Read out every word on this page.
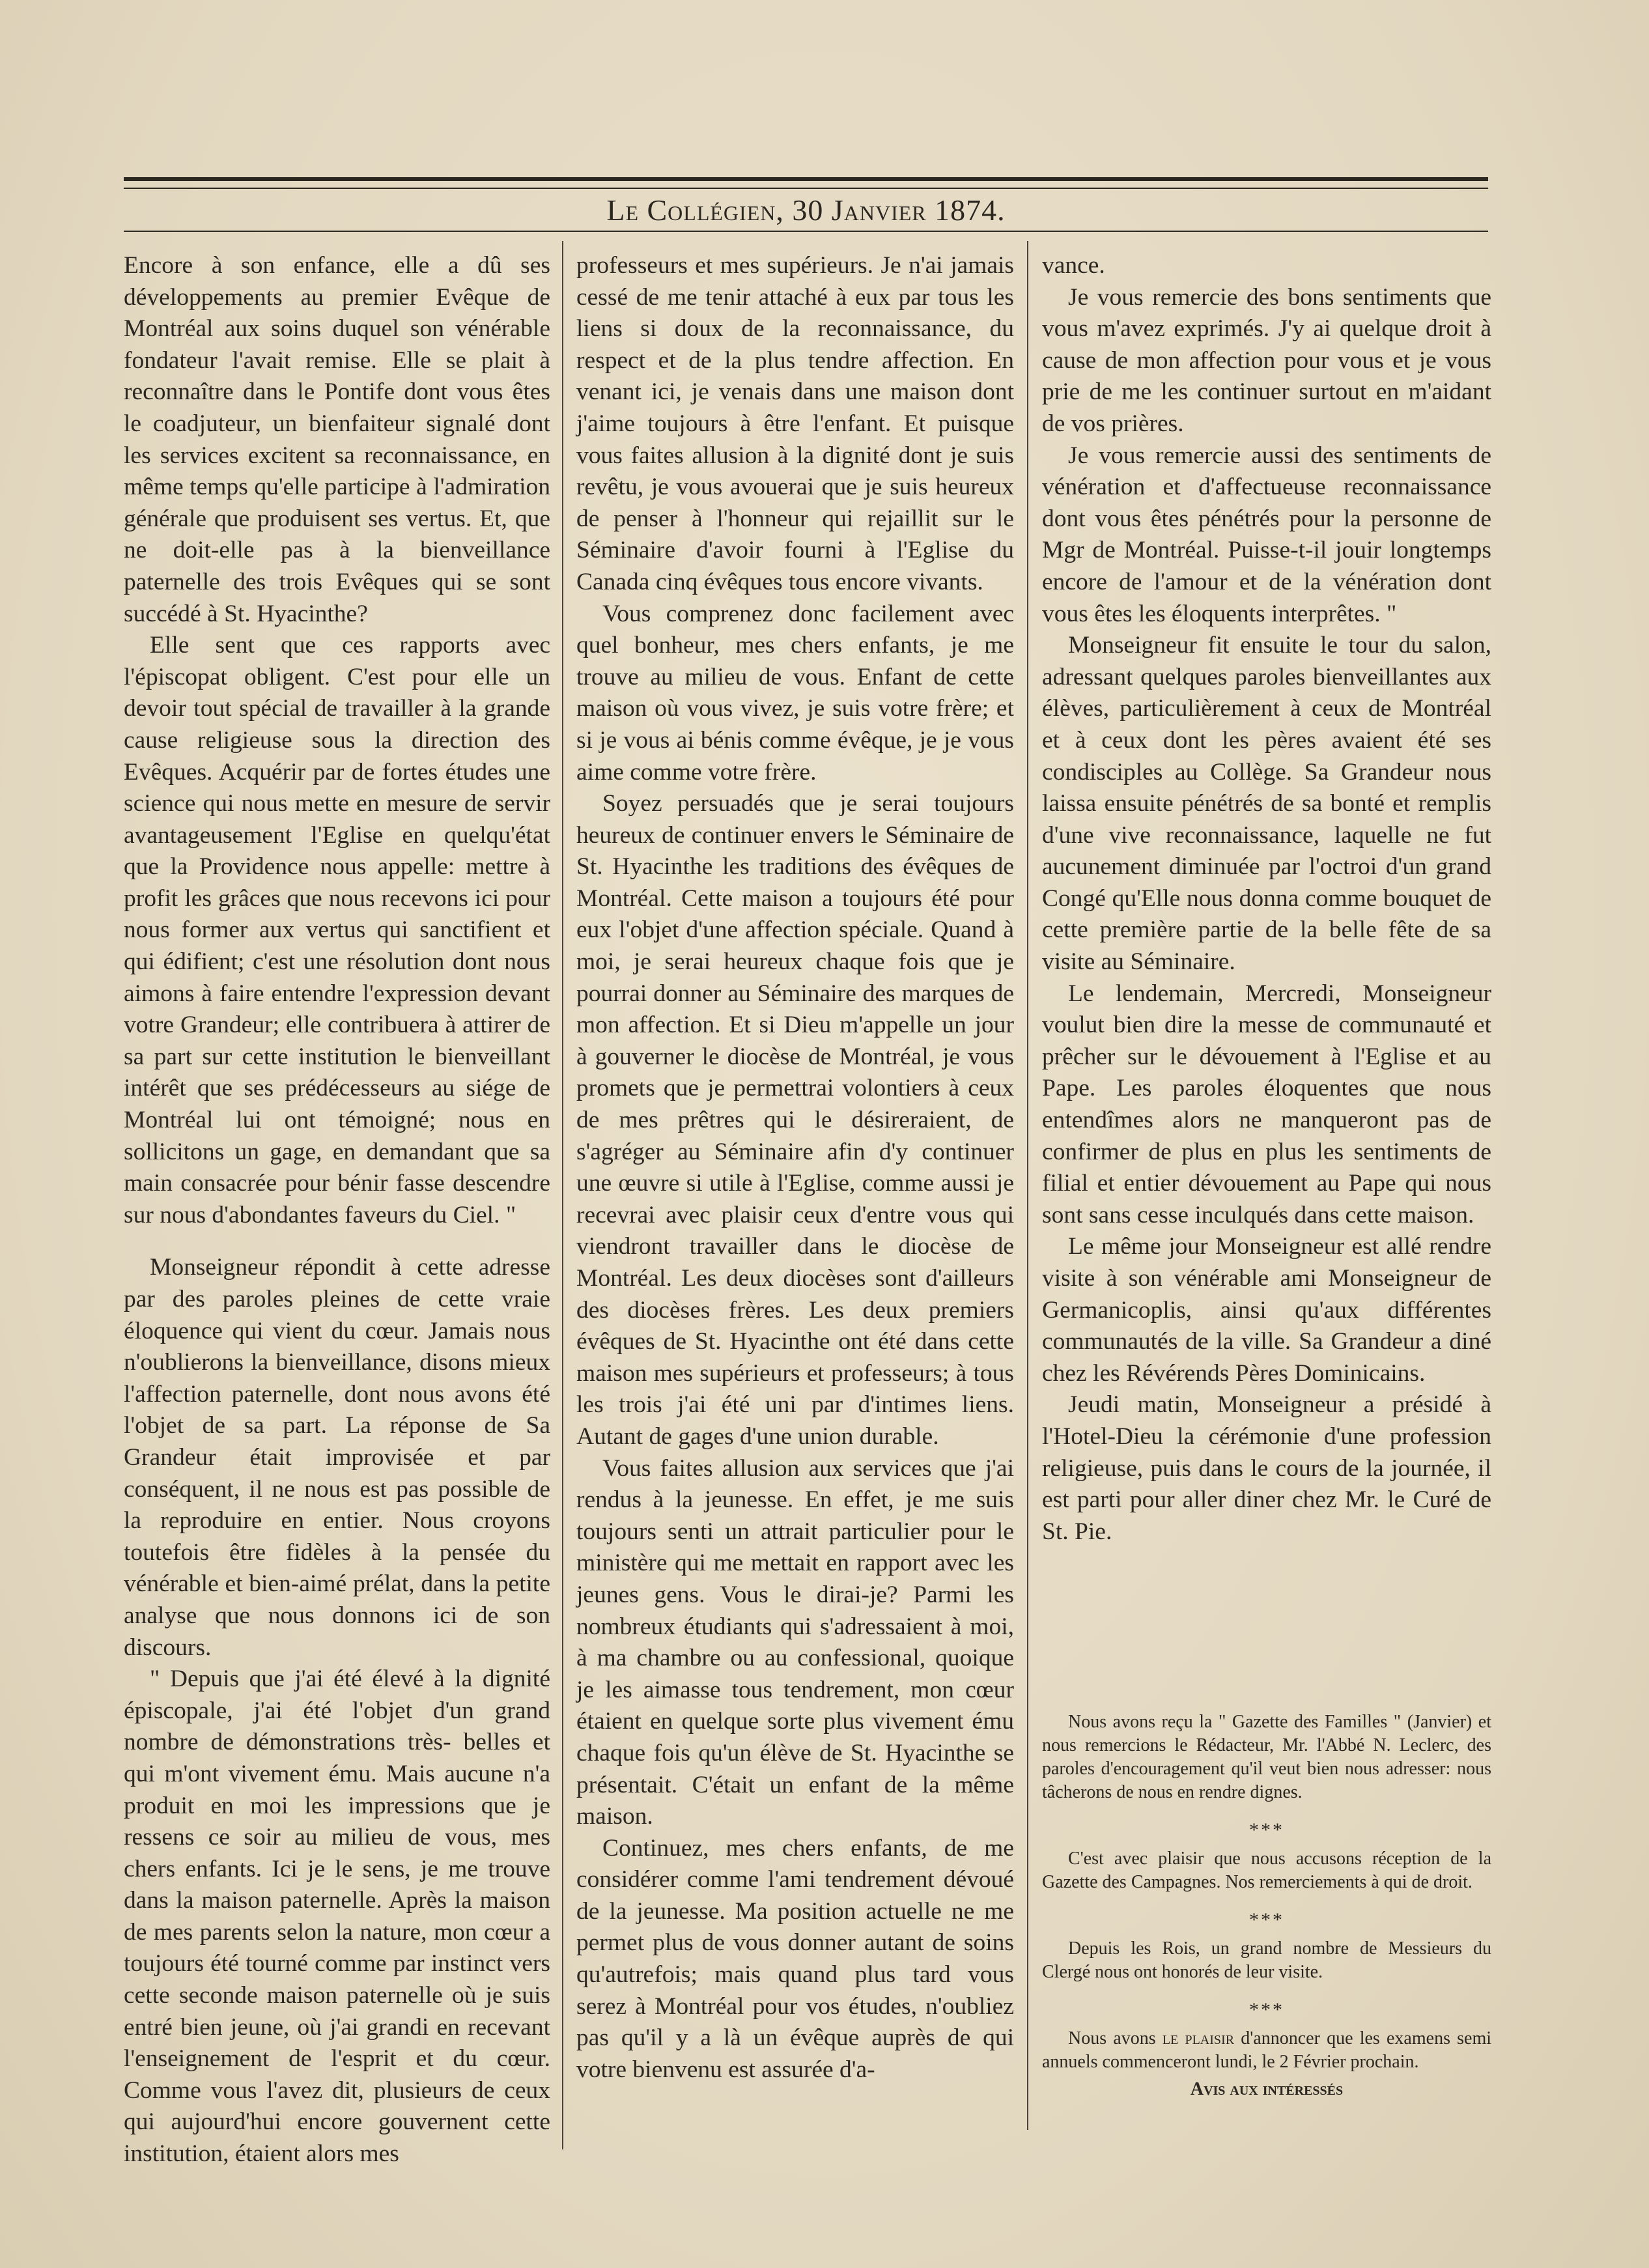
Le Collégien, 30 Janvier 1874.

Encore à son enfance, elle a dû ses développements au premier Evêque de Montréal aux soins duquel son vénérable fondateur l'avait remise. Elle se plait à reconnaître dans le Pontife dont vous êtes le coadjuteur, un bienfaiteur signalé dont les services excitent sa reconnaissance, en même temps qu'elle participe à l'admiration générale que produisent ses vertus. Et, que ne doit-elle pas à la bienveillance paternelle des trois Evêques qui se sont succédé à St. Hyacinthe?

Elle sent que ces rapports avec l'épiscopat obligent. C'est pour elle un devoir tout spécial de travailler à la grande cause religieuse sous la direction des Evêques. Acquérir par de fortes études une science qui nous mette en mesure de servir avantageusement l'Eglise en quelqu'état que la Providence nous appelle: mettre à profit les grâces que nous recevons ici pour nous former aux vertus qui sanctifient et qui édifient; c'est une résolution dont nous aimons à faire entendre l'expression devant votre Grandeur; elle contribuera à attirer de sa part sur cette institution le bienveillant intérêt que ses prédécesseurs au siége de Montréal lui ont témoigné; nous en sollicitons un gage, en demandant que sa main consacrée pour bénir fasse descendre sur nous d'abondantes faveurs du Ciel. "

Monseigneur répondit à cette adresse par des paroles pleines de cette vraie éloquence qui vient du cœur. Jamais nous n'oublierons la bienveillance, disons mieux l'affection paternelle, dont nous avons été l'objet de sa part. La réponse de Sa Grandeur était improvisée et par conséquent, il ne nous est pas possible de la reproduire en entier. Nous croyons toutefois être fidèles à la pensée du vénérable et bien-aimé prélat, dans la petite analyse que nous donnons ici de son discours.

" Depuis que j'ai été élevé à la dignité épiscopale, j'ai été l'objet d'un grand nombre de démonstrations très- belles et qui m'ont vivement ému. Mais aucune n'a produit en moi les impressions que je ressens ce soir au milieu de vous, mes chers enfants. Ici je le sens, je me trouve dans la maison paternelle. Après la maison de mes parents selon la nature, mon cœur a toujours été tourné comme par instinct vers cette seconde maison paternelle où je suis entré bien jeune, où j'ai grandi en recevant l'enseignement de l'esprit et du cœur. Comme vous l'avez dit, plusieurs de ceux qui aujourd'hui encore gouvernent cette institution, étaient alors mes

professeurs et mes supérieurs. Je n'ai jamais cessé de me tenir attaché à eux par tous les liens si doux de la reconnaissance, du respect et de la plus tendre affection. En venant ici, je venais dans une maison dont j'aime toujours à être l'enfant. Et puisque vous faites allusion à la dignité dont je suis revêtu, je vous avouerai que je suis heureux de penser à l'honneur qui rejaillit sur le Séminaire d'avoir fourni à l'Eglise du Canada cinq évêques tous encore vivants.

Vous comprenez donc facilement avec quel bonheur, mes chers enfants, je me trouve au milieu de vous. Enfant de cette maison où vous vivez, je suis votre frère; et si je vous ai bénis comme évêque, je je vous aime comme votre frère.

Soyez persuadés que je serai toujours heureux de continuer envers le Séminaire de St. Hyacinthe les traditions des évêques de Montréal. Cette maison a toujours été pour eux l'objet d'une affection spéciale. Quand à moi, je serai heureux chaque fois que je pourrai donner au Séminaire des marques de mon affection. Et si Dieu m'appelle un jour à gouverner le diocèse de Montréal, je vous promets que je permettrai volontiers à ceux de mes prêtres qui le désireraient, de s'agréger au Séminaire afin d'y continuer une œuvre si utile à l'Eglise, comme aussi je recevrai avec plaisir ceux d'entre vous qui viendront travailler dans le diocèse de Montréal. Les deux diocèses sont d'ailleurs des diocèses frères. Les deux premiers évêques de St. Hyacinthe ont été dans cette maison mes supérieurs et professeurs; à tous les trois j'ai été uni par d'intimes liens. Autant de gages d'une union durable.

Vous faites allusion aux services que j'ai rendus à la jeunesse. En effet, je me suis toujours senti un attrait particulier pour le ministère qui me mettait en rapport avec les jeunes gens. Vous le dirai-je? Parmi les nombreux étudiants qui s'adressaient à moi, à ma chambre ou au confessional, quoique je les aimasse tous tendrement, mon cœur étaient en quelque sorte plus vivement ému chaque fois qu'un élève de St. Hyacinthe se présentait. C'était un enfant de la même maison.

Continuez, mes chers enfants, de me considérer comme l'ami tendrement dévoué de la jeunesse. Ma position actuelle ne me permet plus de vous donner autant de soins qu'autrefois; mais quand plus tard vous serez à Montréal pour vos études, n'oubliez pas qu'il y a là un évêque auprès de qui votre bienvenu est assurée d'a-

vance.

Je vous remercie des bons sentiments que vous m'avez exprimés. J'y ai quelque droit à cause de mon affection pour vous et je vous prie de me les continuer surtout en m'aidant de vos prières.

Je vous remercie aussi des sentiments de vénération et d'affectueuse reconnaissance dont vous êtes pénétrés pour la personne de Mgr de Montréal. Puisse-t-il jouir longtemps encore de l'amour et de la vénération dont vous êtes les éloquents interprêtes. "

Monseigneur fit ensuite le tour du salon, adressant quelques paroles bienveillantes aux élèves, particulièrement à ceux de Montréal et à ceux dont les pères avaient été ses condisciples au Collège. Sa Grandeur nous laissa ensuite pénétrés de sa bonté et remplis d'une vive reconnaissance, laquelle ne fut aucunement diminuée par l'octroi d'un grand Congé qu'Elle nous donna comme bouquet de cette première partie de la belle fête de sa visite au Séminaire.

Le lendemain, Mercredi, Monseigneur voulut bien dire la messe de communauté et prêcher sur le dévouement à l'Eglise et au Pape. Les paroles éloquentes que nous entendîmes alors ne manqueront pas de confirmer de plus en plus les sentiments de filial et entier dévouement au Pape qui nous sont sans cesse inculqués dans cette maison.

Le même jour Monseigneur est allé rendre visite à son vénérable ami Monseigneur de Germanicoplis, ainsi qu'aux différentes communautés de la ville. Sa Grandeur a diné chez les Révérends Pères Dominicains.

Jeudi matin, Monseigneur a présidé à l'Hotel-Dieu la cérémonie d'une profession religieuse, puis dans le cours de la journée, il est parti pour aller diner chez Mr. le Curé de St. Pie.

Nous avons reçu la " Gazette des Familles " (Janvier) et nous remercions le Rédacteur, Mr. l'Abbé N. Leclerc, des paroles d'encouragement qu'il veut bien nous adresser: nous tâcherons de nous en rendre dignes.

***

C'est avec plaisir que nous accusons réception de la Gazette des Campagnes. Nos remerciements à qui de droit.

***

Depuis les Rois, un grand nombre de Messieurs du Clergé nous ont honorés de leur visite.

***

Nous avons le plaisir d'annoncer que les examens semi annuels commenceront lundi, le 2 Février prochain.

Avis aux intéressés
